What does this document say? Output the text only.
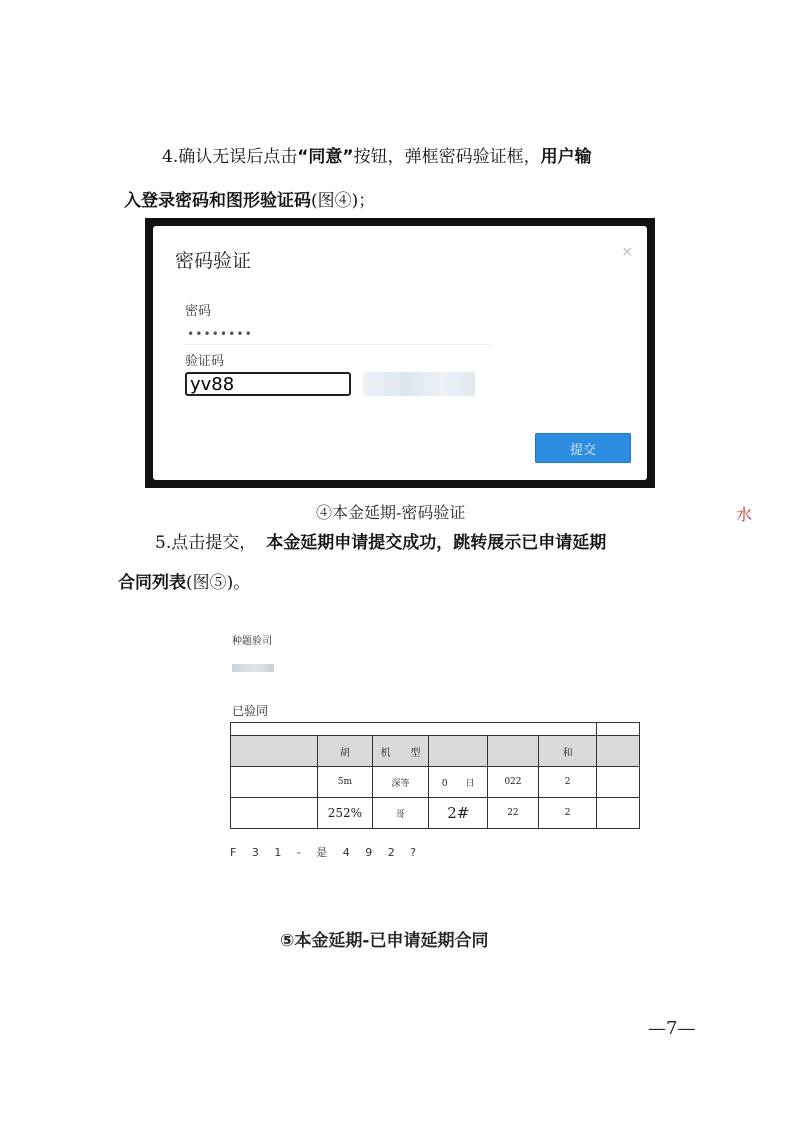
4.确认无误后点击“同意”按钮，弹框密码验证框，用户输
入登录密码和图形验证码(图④)；
密码验证	×
密码
••••••••
验证码
yv88
提交
④本金延期-密码验证	水
5.点击提交， 本金延期申请提交成功，跳转展示已申请延期
合同列表(图⑤)。
种题验司
已验同

	胡	机　　型			和	
	5m	深等	0　　日	022	2	
	252%	哥	2#	22	2	
F 3 1 - 是 4 9 2 ?
⑤本金延期-已申请延期合同
—7—
